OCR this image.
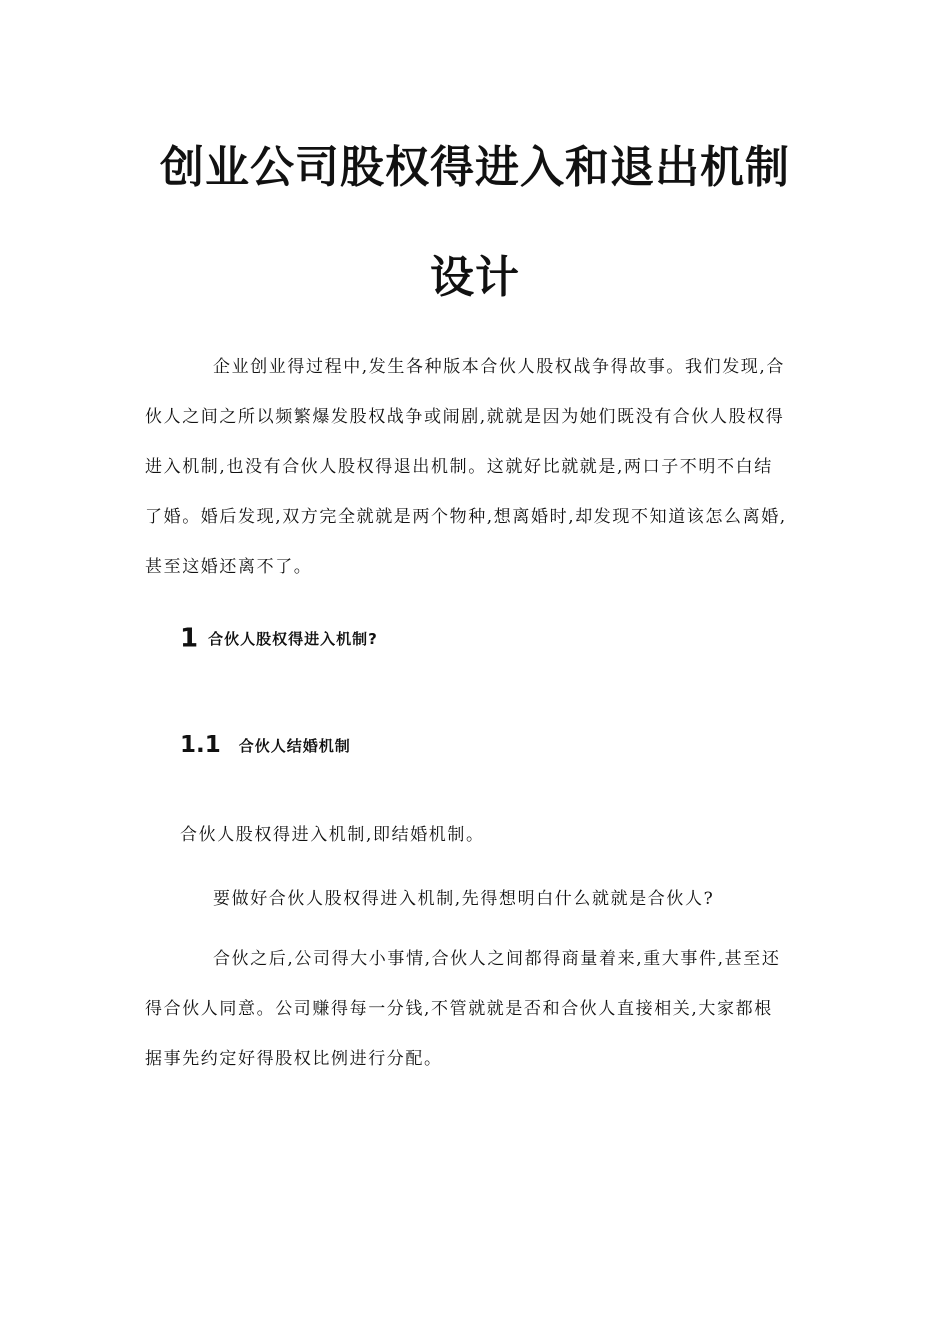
创业公司股权得进入和退出机制
设计
企业创业得过程中,发生各种版本合伙人股权战争得故事。我们发现,合
伙人之间之所以频繁爆发股权战争或闹剧,就就是因为她们既没有合伙人股权得
进入机制,也没有合伙人股权得退出机制。这就好比就就是,两口子不明不白结
了婚。婚后发现,双方完全就就是两个物种,想离婚时,却发现不知道该怎么离婚,
甚至这婚还离不了。
1 合伙人股权得进入机制?
1.1 合伙人结婚机制

合伙人股权得进入机制,即结婚机制。

要做好合伙人股权得进入机制,先得想明白什么就就是合伙人?

合伙之后,公司得大小事情,合伙人之间都得商量着来,重大事件,甚至还
得合伙人同意。公司赚得每一分钱,不管就就是否和合伙人直接相关,大家都根
据事先约定好得股权比例进行分配。
